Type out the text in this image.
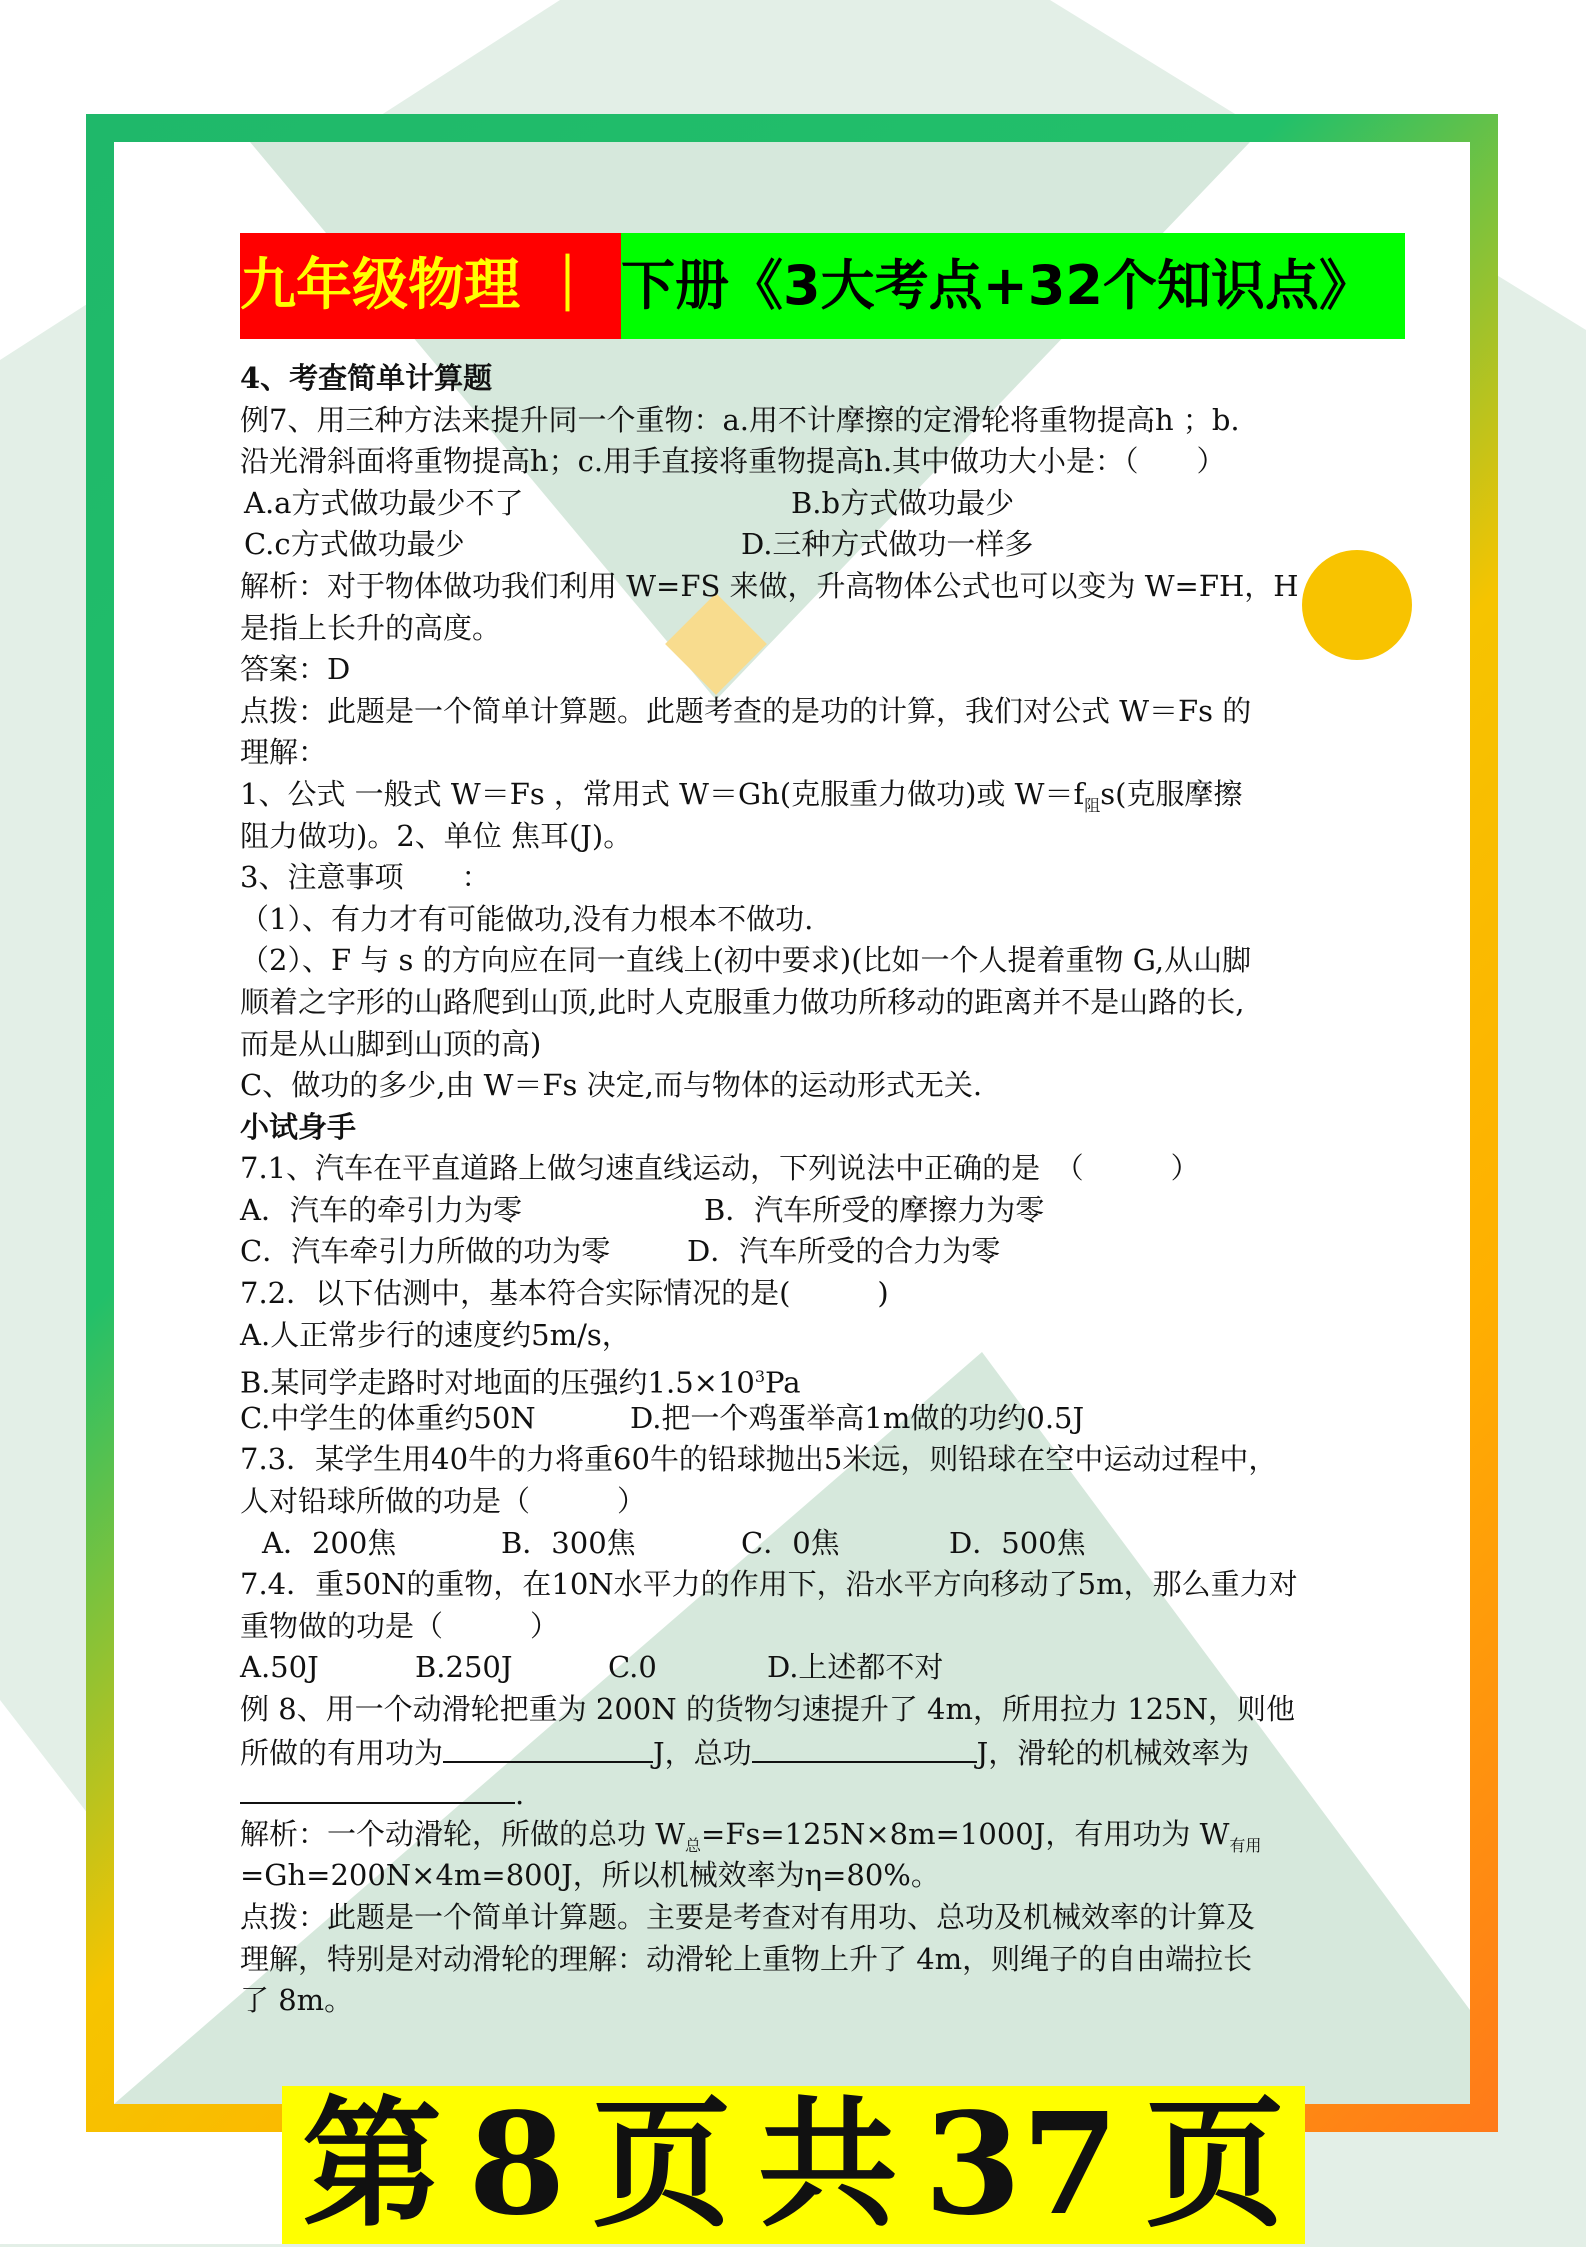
九年级物理 ｜ 下册《3大考点+32个知识点》
4、考查简单计算题
例7、用三种方法来提升同一个重物：a.用不计摩擦的定滑轮将重物提高h ；b.
沿光滑斜面将重物提高h；c.用手直接将重物提高h.其中做功大小是：（　　）
A.a方式做功最少不了	B.b方式做功最少
C.c方式做功最少	D.三种方式做功一样多
解析：对于物体做功我们利用 W=FS 来做，升高物体公式也可以变为 W=FH，H
是指上长升的高度。
答案：D
点拨：此题是一个简单计算题。此题考查的是功的计算，我们对公式 W＝Fs 的
理解：
1、公式 一般式 W＝Fs ，常用式 W＝Gh(克服重力做功)或 $W=f_阻s$(克服摩擦
阻力做功)。2、单位 焦耳(J)。
3、注意事项　　：
（1）、有力才有可能做功,没有力根本不做功.
（2）、F 与 s 的方向应在同一直线上(初中要求)(比如一个人提着重物 G,从山脚
顺着之字形的山路爬到山顶,此时人克服重力做功所移动的距离并不是山路的长,
而是从山脚到山顶的高)
C、做功的多少,由 W＝Fs 决定,而与物体的运动形式无关.
小试身手
7.1、汽车在平直道路上做匀速直线运动，下列说法中正确的是　（　　　）
A．汽车的牵引力为零	B．汽车所受的摩擦力为零
C．汽车牵引力所做的功为零	D．汽车所受的合力为零
7.2．以下估测中，基本符合实际情况的是(　　　)
A.人正常步行的速度约5m/s，
B.某同学走路时对地面的压强约$1.5\times 10^3Pa$
C.中学生的体重约50N	D.把一个鸡蛋举高1m做的功约0.5J
7.3．某学生用40牛的力将重60牛的铅球抛出5米远，则铅球在空中运动过程中，
人对铅球所做的功是（　　　）
A．200焦	B．300焦	C．0焦	D．500焦
7.4．重50N的重物，在10N水平力的作用下，沿水平方向移动了5m，那么重力对
重物做的功是（　　　）
A.50J	B.250J	C.0	D.上述都不对
例 8、用一个动滑轮把重为 200N 的货物匀速提升了 4m，所用拉力 125N，则他
所做的有用功为	J，总功	J，滑轮的机械效率为
.
解析：一个动滑轮，所做的总功 $W_总=Fs=125N\times 8m=1000J$，有用功为 $W_{有用}$
=Gh=200N×4m=800J，所以机械效率为η=80%。
点拨：此题是一个简单计算题。主要是考查对有用功、总功及机械效率的计算及
理解，特别是对动滑轮的理解：动滑轮上重物上升了 4m，则绳子的自由端拉长
了 8m。
第 8 页 共 37 页
